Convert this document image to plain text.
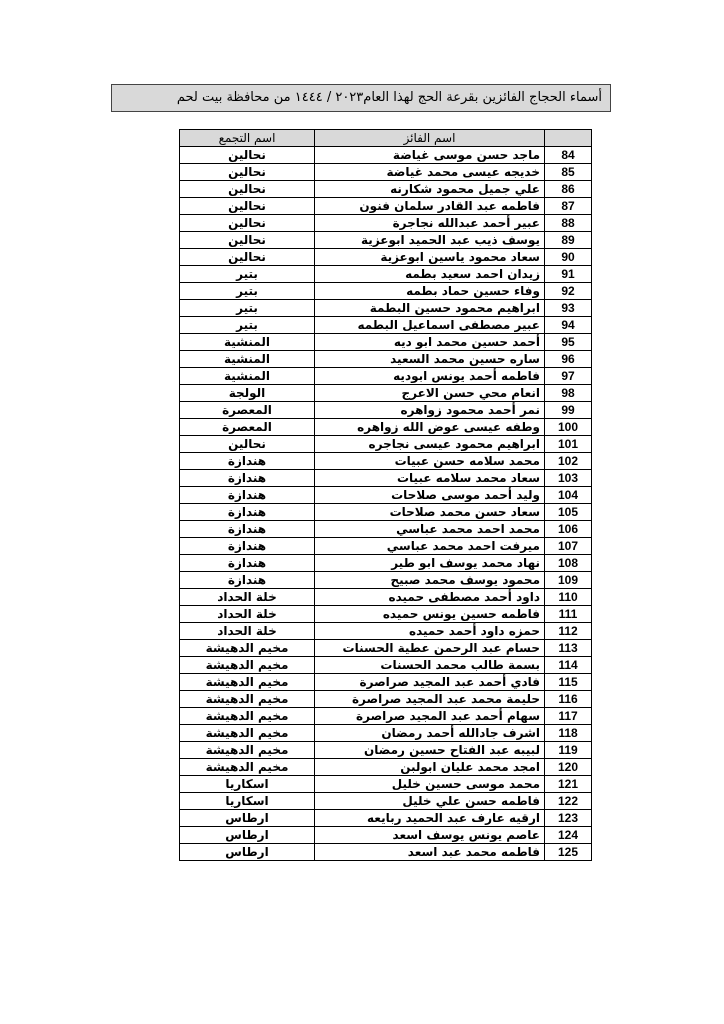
أسماء الحجاج الفائزين بقرعة الحج لهذا العام٢٠٢٣ / ١٤٤٤ من محافظة بيت لحم
	اسم الفائز	اسم التجمع
84	ماجد حسن موسى غياضة	نحالين
85	خديجه عيسى محمد غياضة	نحالين
86	علي جميل محمود شكارنه	نحالين
87	فاطمه عبد القادر سلمان فنون	نحالين
88	عبير أحمد عبدالله نجاجرة	نحالين
89	يوسف ذيب عبد الحميد ابوعزية	نحالين
90	سعاد محمود ياسين ابوعزية	نحالين
91	زيدان احمد سعيد بطمه	بتير
92	وفاء حسين حماد بطمه	بتير
93	ابراهيم محمود حسين البطمة	بتير
94	عبير مصطفى اسماعيل البطمه	بتير
95	أحمد حسين محمد ابو ديه	المنشية
96	ساره حسين محمد السعيد	المنشية
97	فاطمه أحمد يونس ابوديه	المنشية
98	انعام محي حسن الاعرج	الولجة
99	نمر أحمد محمود زواهره	المعصرة
100	وطفه عيسى عوض الله زواهره	المعصرة
101	ابراهيم محمود عيسى نجاجره	نحالين
102	محمد سلامه حسن عبيات	هندازة
103	سعاد محمد سلامه عبيات	هندازة
104	وليد أحمد موسى صلاحات	هندازة
105	سعاد حسن محمد صلاحات	هندازة
106	محمد احمد محمد عباسي	هندازة
107	ميرفت احمد محمد عباسي	هندازة
108	نهاد محمد يوسف ابو طير	هندازة
109	محمود يوسف محمد صبيح	هندازة
110	داود أحمد مصطفى حميده	خلة الحداد
111	فاطمه حسين يونس حميده	خلة الحداد
112	حمزه داود أحمد حميده	خلة الحداد
113	حسام عبد الرحمن عطية الحسنات	مخيم الدهيشة
114	بسمة طالب محمد الحسنات	مخيم الدهيشة
115	فادي أحمد عبد المجيد صراصرة	مخيم الدهيشة
116	حليمة محمد عبد المجيد صراصرة	مخيم الدهيشة
117	سهام أحمد عبد المجيد صراصرة	مخيم الدهيشة
118	اشرف جادالله أحمد رمضان	مخيم الدهيشة
119	لبيبه عبد الفتاح حسين رمضان	مخيم الدهيشة
120	امجد محمد عليان ابولبن	مخيم الدهيشة
121	محمد موسى حسين خليل	اسكاريا
122	فاطمه حسن علي خليل	اسكاريا
123	ارقيه عارف عبد الحميد ربايعه	ارطاس
124	عاصم يونس يوسف اسعد	ارطاس
125	فاطمه محمد عبد اسعد	ارطاس
